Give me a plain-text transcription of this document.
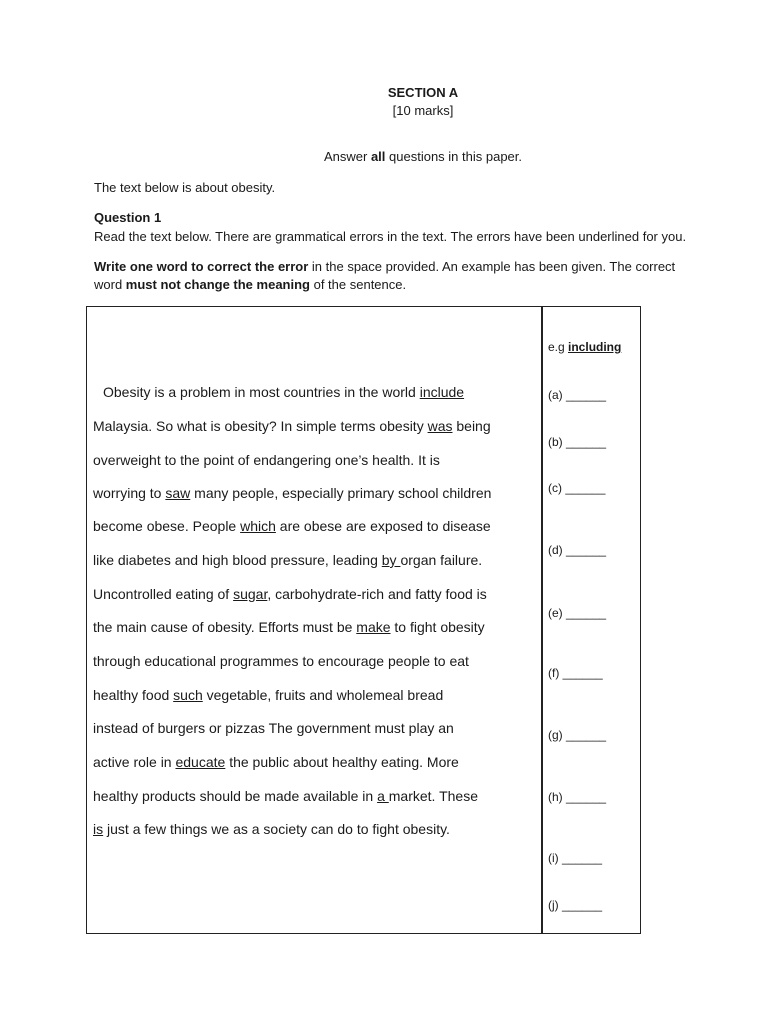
SECTION A
[10 marks]
Answer all questions in this paper.
The text below is about obesity.
Question 1
Read the text below. There are grammatical errors in the text. The errors have been underlined for you.
Write one word to correct the error in the space provided. An example has been given. The correct
word must not change the meaning of the sentence.
e.g including
Obesity is a problem in most countries in the world include
Malaysia. So what is obesity? In simple terms obesity was being
overweight to the point of endangering one’s health. It is
worrying to saw many people, especially primary school children
become obese. People which are obese are exposed to disease
like diabetes and high blood pressure, leading by organ failure.
Uncontrolled eating of sugar, carbohydrate-rich and fatty food is
the main cause of obesity. Efforts must be make to fight obesity
through educational programmes to encourage people to eat
healthy food such vegetable, fruits and wholemeal bread
instead of burgers or pizzas The government must play an
active role in educate the public about healthy eating. More
healthy products should be made available in a market. These
is just a few things we as a society can do to fight obesity.
(a) ______
(b) ______
(c) ______
(d) ______
(e) ______
(f) ______
(g) ______
(h) ______
(i) ______
(j) ______
